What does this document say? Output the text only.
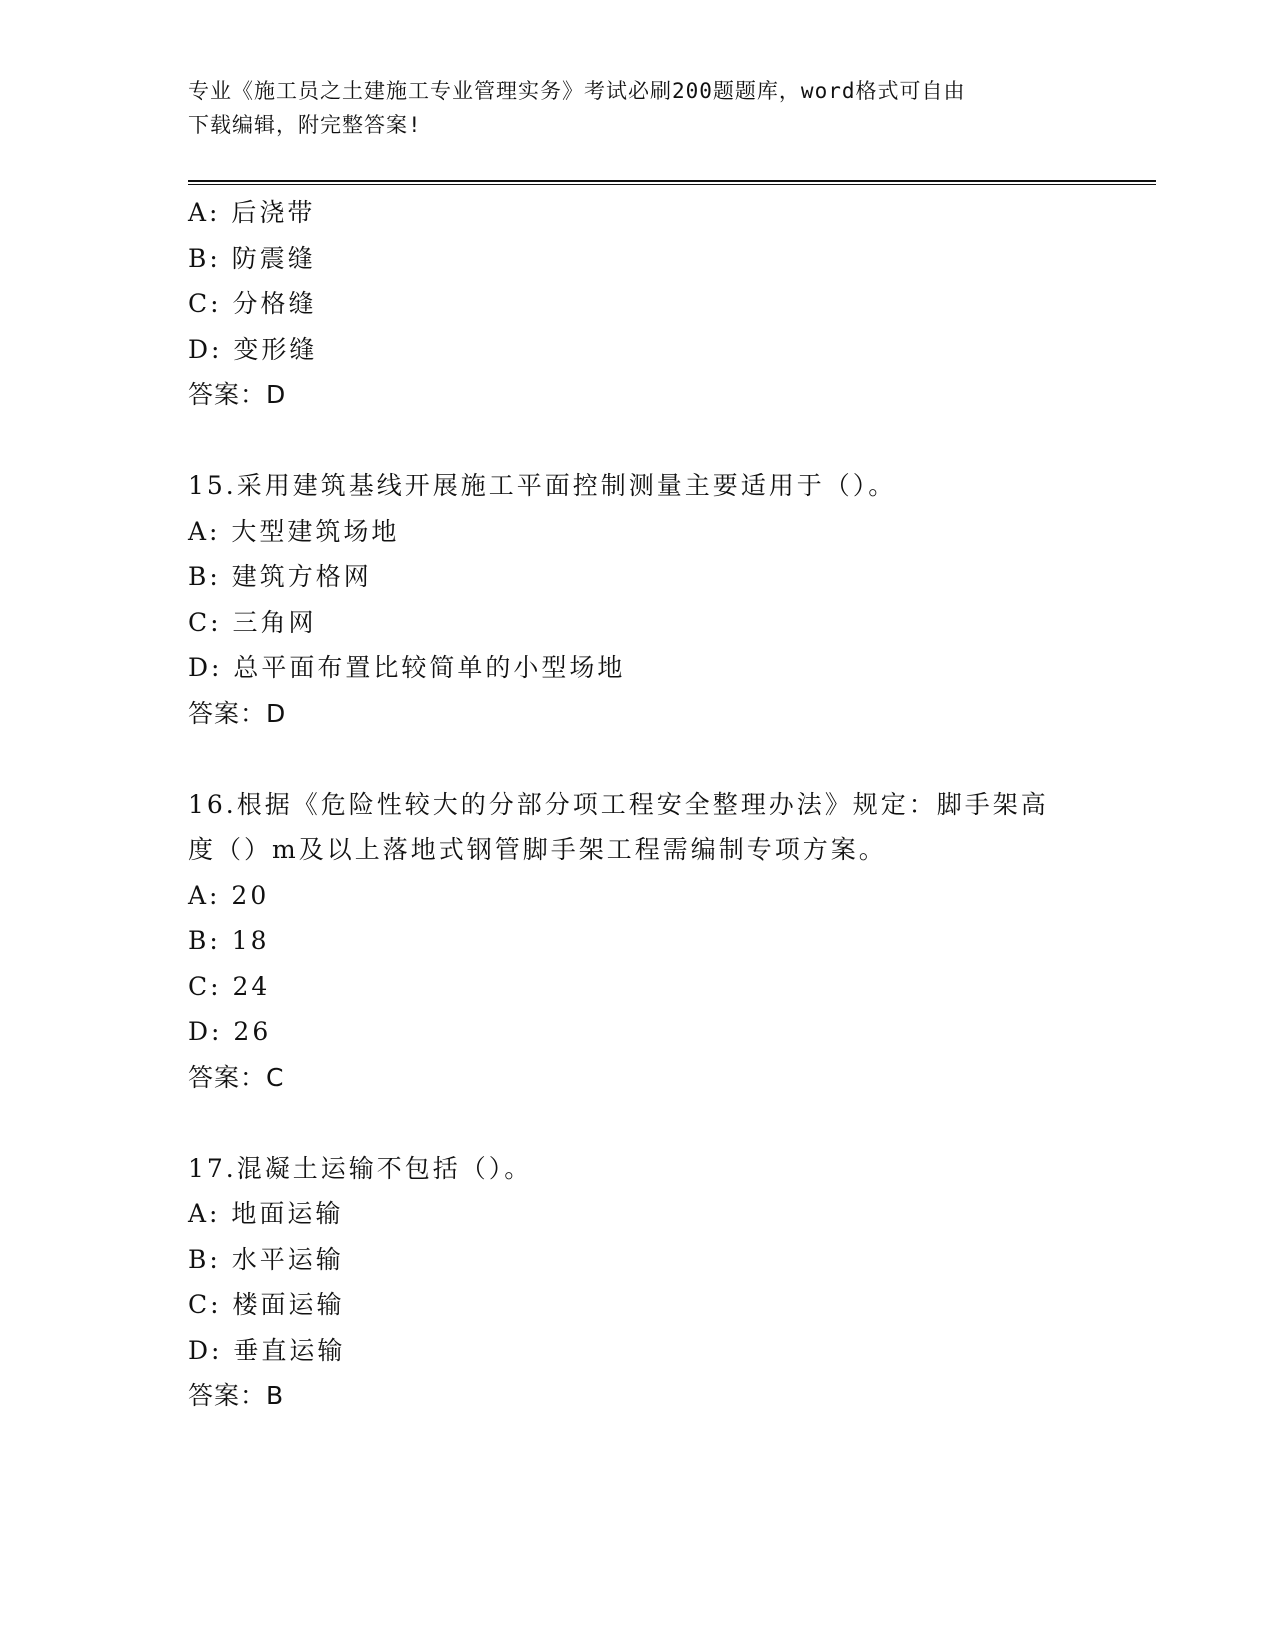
专业《施工员之土建施工专业管理实务》考试必刷200题题库，word格式可自由
下载编辑，附完整答案!
A: 后浇带
B: 防震缝
C: 分格缝
D: 变形缝
答案：D
15.采用建筑基线开展施工平面控制测量主要适用于（）。
A: 大型建筑场地
B: 建筑方格网
C: 三角网
D: 总平面布置比较简单的小型场地
答案：D
16.根据《危险性较大的分部分项工程安全整理办法》规定：脚手架高
度（）m及以上落地式钢管脚手架工程需编制专项方案。
A: 20
B: 18
C: 24
D: 26
答案：C
17.混凝土运输不包括（）。
A: 地面运输
B: 水平运输
C: 楼面运输
D: 垂直运输
答案：B
